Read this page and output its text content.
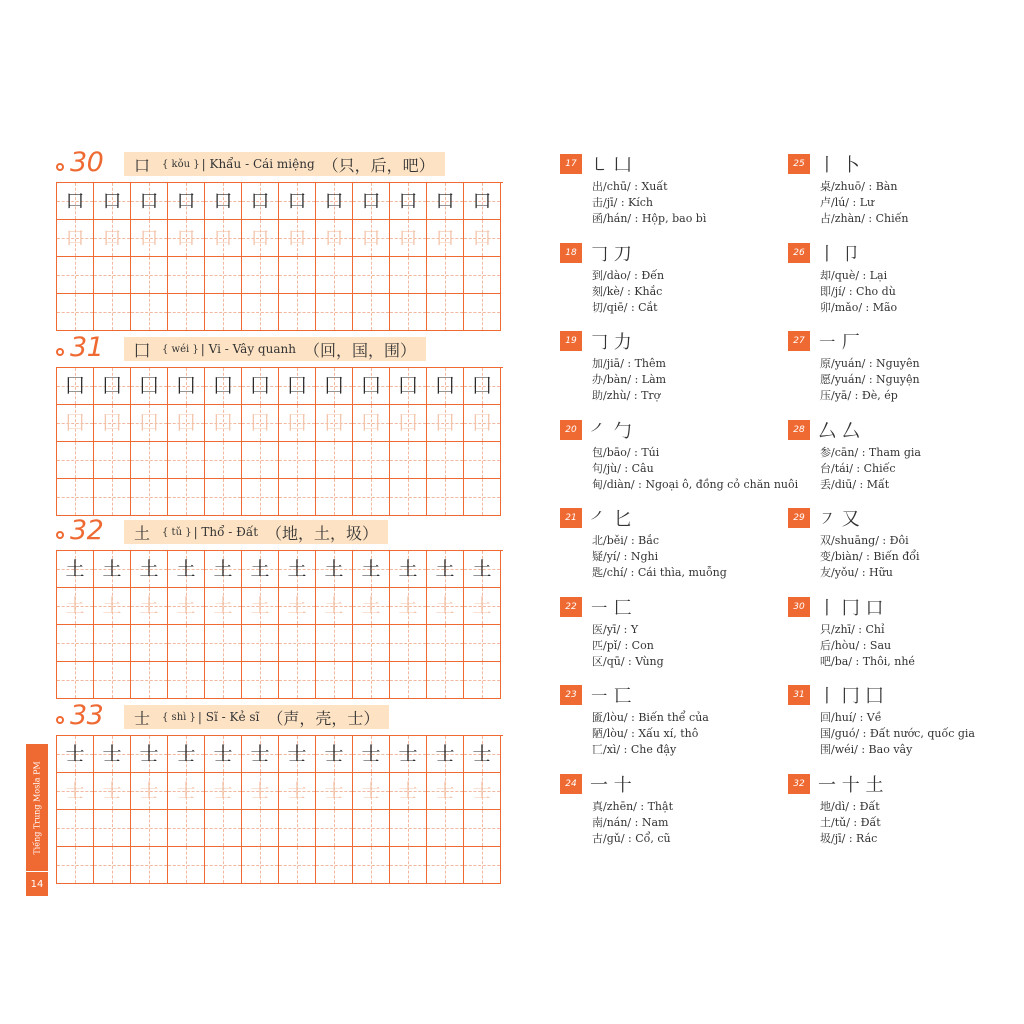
30 口 { kǒu } | Khẩu - Cái miệng （只，后，吧）
口 口 口 口 口 口 口 口 口 口 口 口
口 口 口 口 口 口 口 口 口 口 口 口
31 囗 { wéi } | Vi - Vây quanh （回，国，围）
囗 囗 囗 囗 囗 囗 囗 囗 囗 囗 囗 囗
囗 囗 囗 囗 囗 囗 囗 囗 囗 囗 囗 囗
32 土 { tǔ } | Thổ - Đất （地，土，圾）
土 土 土 土 土 土 土 土 土 土 土 土
土 土 土 土 土 土 土 土 土 土 土 土
33 士 { shì } | Sĩ - Kẻ sĩ （声，壳，士）
士 士 士 士 士 士 士 士 士 士 士 士
士 士 士 士 士 士 士 士 士 士 士 士
Tiếng Trung Mosla PM
14
17 ㇄ 凵
出/chū/ : Xuất
击/jī/ : Kích
函/hán/ : Hộp, bao bì
18 𠃌 刀
到/dào/ : Đến
刻/kè/ : Khắc
切/qiē/ : Cắt
19 𠃌 力
加/jiā/ : Thêm
办/bàn/ : Làm
助/zhù/ : Trợ
20 ㇒ 勹
包/bāo/ : Túi
句/jù/ : Câu
甸/diàn/ : Ngoại ô, đồng cỏ chăn nuôi
21 ㇒ 匕
北/běi/ : Bắc
疑/yí/ : Nghi
匙/chí/ : Cái thìa, muỗng
22 ㇐ 匚
医/yī/ : Y
匹/pǐ/ : Con
区/qū/ : Vùng
23 ㇐ 匸
匬/lòu/ : Biến thể của
陋/lòu/ : Xấu xí, thô
匸/xì/ : Che đậy
24 一 十
真/zhēn/ : Thật
南/nán/ : Nam
古/gǔ/ : Cổ, cũ
25 丨 卜
桌/zhuō/ : Bàn
卢/lú/ : Lư
占/zhàn/ : Chiến
26 丨 卩
却/què/ : Lại
即/jí/ : Cho dù
卯/mǎo/ : Mão
27 ㇐ 厂
原/yuán/ : Nguyên
愿/yuán/ : Nguyện
压/yā/ : Đè, ép
28 厶 厶
参/cān/ : Tham gia
台/tái/ : Chiếc
丢/diū/ : Mất
29 ㇇ 又
双/shuāng/ : Đôi
变/biàn/ : Biến đổi
友/yǒu/ : Hữu
30 丨 冂 口
只/zhī/ : Chỉ
后/hòu/ : Sau
吧/ba/ : Thôi, nhé
31 丨 冂 囗
回/huí/ : Về
国/guó/ : Đất nước, quốc gia
围/wéi/ : Bao vây
32 一 十 土
地/dì/ : Đất
土/tǔ/ : Đất
圾/jī/ : Rác
